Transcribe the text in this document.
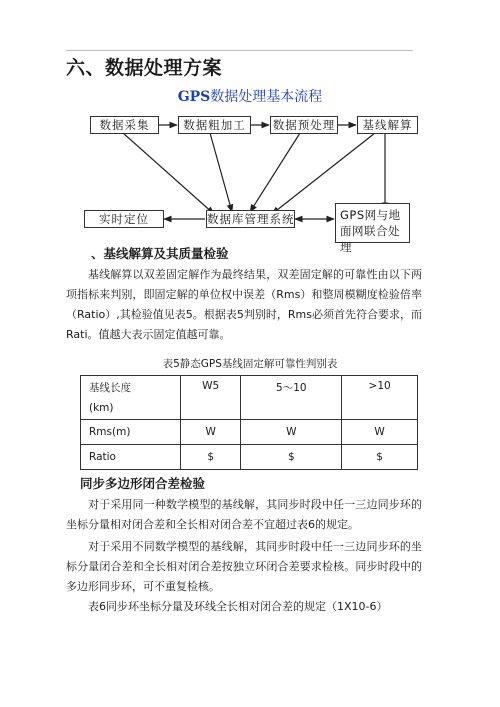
六、数据处理方案
GPS数据处理基本流程
数据采集	数据粗加工	数据预处理	基线解算
实时定位	数据库管理系统	GPS网与地 面网联合处理
、基线解算及其质量检验
基线解算以双差固定解作为最终结果，双差固定解的可靠性由以下两项指标来判别，即固定解的单位权中误差（Rms）和整周模糊度检验倍率（Ratio）,其检验值见表5。根据表5判别时，Rms必须首先符合要求，而Rati。值越大表示固定值越可靠。
表5静态GPS基线固定解可靠性判别表
基线长度
(km)	W5	5～10	>10
Rms(m)	W	W	W
Ratio	$	$	$
同步多边形闭合差检验
对于采用同一种数学模型的基线解，其同步时段中任一三边同步环的坐标分量相对闭合差和全长相对闭合差不宜超过表6的规定。
对于采用不同数学模型的基线解，其同步时段中任一三边同步环的坐标分量闭合差和全长相对闭合差按独立环闭合差要求检核。同步时段中的多边形同步环，可不重复检核。
表6同步环坐标分量及环线全长相对闭合差的规定（1X10-6）
